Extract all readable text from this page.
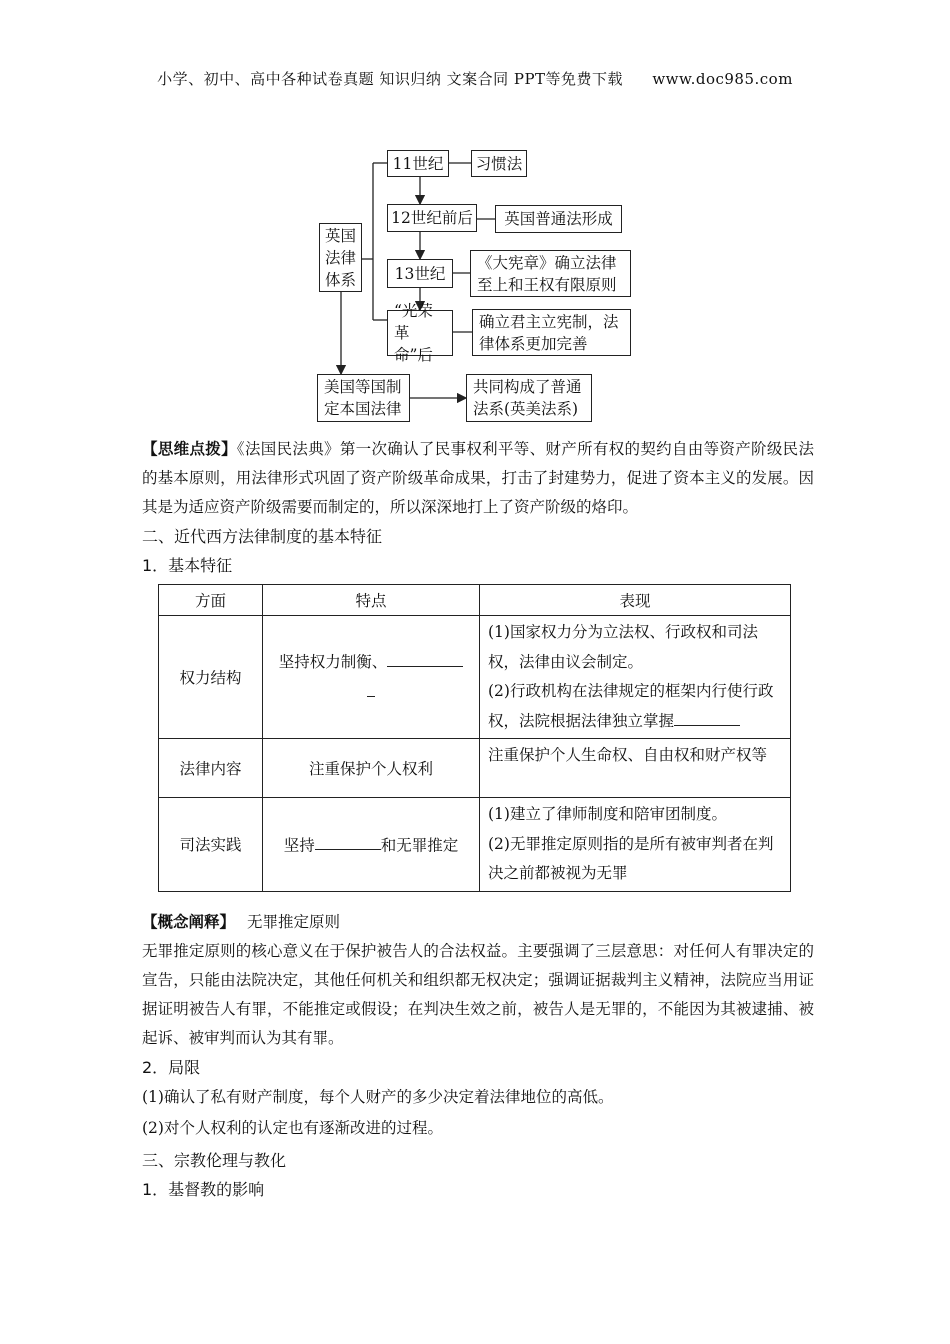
小学、初中、高中各种试卷真题 知识归纳 文案合同 PPT等免费下载 www.doc985.com
英国法律体系
11世纪	习惯法
12世纪前后	英国普通法形成
13世纪
《大宪章》确立法律至上和王权有限原则
“光荣革命”后
确立君主立宪制，法律体系更加完善
美国等国制定本国法律
共同构成了普通法系(英美法系)
【思维点拨】《法国民法典》第一次确认了民事权利平等、财产所有权的契约自由等资产阶级民法的基本原则，用法律形式巩固了资产阶级革命成果，打击了封建势力，促进了资本主义的发展。因其是为适应资产阶级需要而制定的，所以深深地打上了资产阶级的烙印。
二、近代西方法律制度的基本特征
1．基本特征
方面	特点	表现
权力结构	坚持权力制衡、	(1)国家权力分为立法权、行政权和司法权，法律由议会制定。
(2)行政机构在法律规定的框架内行使行政权，法院根据法律独立掌握

法律内容	注重保护个人权利	注重保护个人生命权、自由权和财产权等
司法实践	坚持 和无罪推定	(1)建立了律师制度和陪审团制度。
(2)无罪推定原则指的是所有被审判者在判决之前都被视为无罪
【概念阐释】 无罪推定原则
无罪推定原则的核心意义在于保护被告人的合法权益。主要强调了三层意思：对任何人有罪决定的宣告，只能由法院决定，其他任何机关和组织都无权决定；强调证据裁判主义精神，法院应当用证据证明被告人有罪，不能推定或假设；在判决生效之前，被告人是无罪的，不能因为其被逮捕、被起诉、被审判而认为其有罪。
2．局限
(1)确认了私有财产制度，每个人财产的多少决定着法律地位的高低。
(2)对个人权利的认定也有逐渐改进的过程。
三、宗教伦理与教化
1．基督教的影响
